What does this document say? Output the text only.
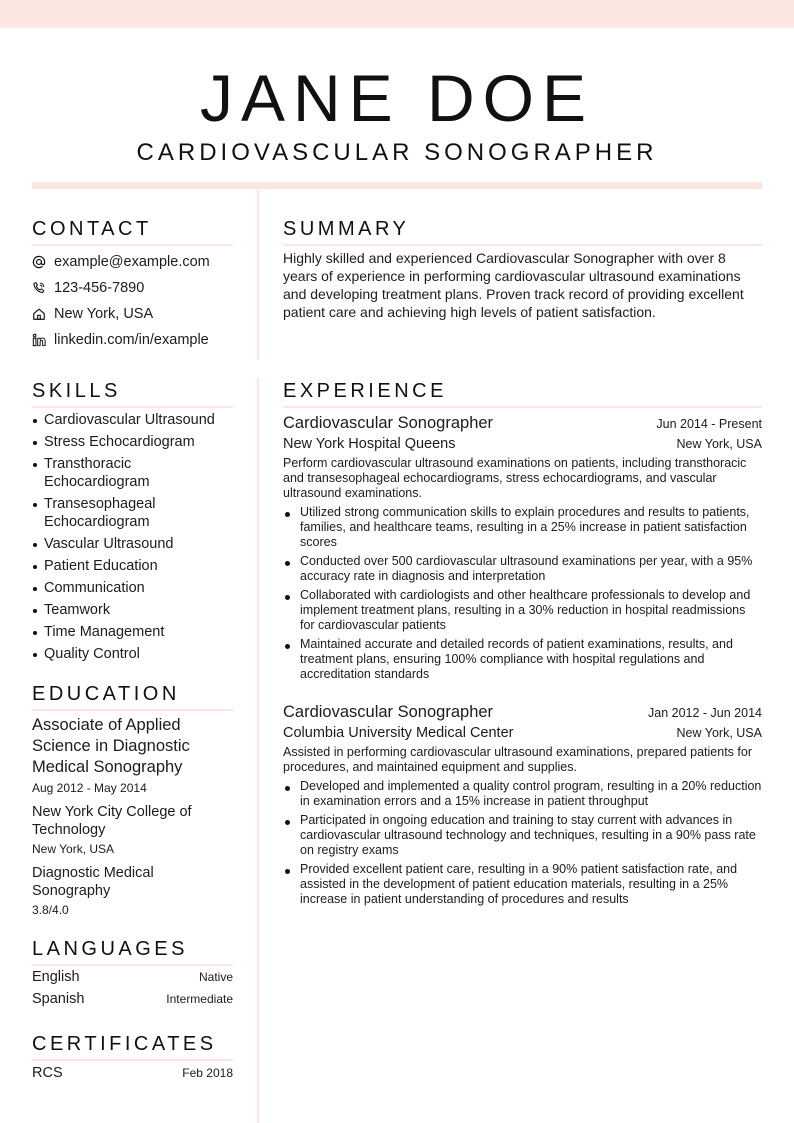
JANE DOE
CARDIOVASCULAR SONOGRAPHER
CONTACT
example@example.com
123-456-7890
New York, USA
linkedin.com/in/example
SUMMARY
Highly skilled and experienced Cardiovascular Sonographer with over 8 years of experience in performing cardiovascular ultrasound examinations and developing treatment plans. Proven track record of providing excellent patient care and achieving high levels of patient satisfaction.
SKILLS
Cardiovascular Ultrasound
Stress Echocardiogram
Transthoracic Echocardiogram
Transesophageal Echocardiogram
Vascular Ultrasound
Patient Education
Communication
Teamwork
Time Management
Quality Control
EDUCATION
Associate of Applied Science in Diagnostic Medical Sonography
Aug 2012 - May 2014
New York City College of Technology
New York, USA
Diagnostic Medical Sonography
3.8/4.0
LANGUAGES
English	Native
Spanish	Intermediate
CERTIFICATES
RCS	Feb 2018
EXPERIENCE
Cardiovascular Sonographer	Jun 2014 - Present
New York Hospital Queens	New York, USA
Perform cardiovascular ultrasound examinations on patients, including transthoracic and transesophageal echocardiograms, stress echocardiograms, and vascular ultrasound examinations.
Utilized strong communication skills to explain procedures and results to patients, families, and healthcare teams, resulting in a 25% increase in patient satisfaction scores
Conducted over 500 cardiovascular ultrasound examinations per year, with a 95% accuracy rate in diagnosis and interpretation
Collaborated with cardiologists and other healthcare professionals to develop and implement treatment plans, resulting in a 30% reduction in hospital readmissions for cardiovascular patients
Maintained accurate and detailed records of patient examinations, results, and treatment plans, ensuring 100% compliance with hospital regulations and accreditation standards
Cardiovascular Sonographer	Jan 2012 - Jun 2014
Columbia University Medical Center	New York, USA
Assisted in performing cardiovascular ultrasound examinations, prepared patients for procedures, and maintained equipment and supplies.
Developed and implemented a quality control program, resulting in a 20% reduction in examination errors and a 15% increase in patient throughput
Participated in ongoing education and training to stay current with advances in cardiovascular ultrasound technology and techniques, resulting in a 90% pass rate on registry exams
Provided excellent patient care, resulting in a 90% patient satisfaction rate, and assisted in the development of patient education materials, resulting in a 25% increase in patient understanding of procedures and results
